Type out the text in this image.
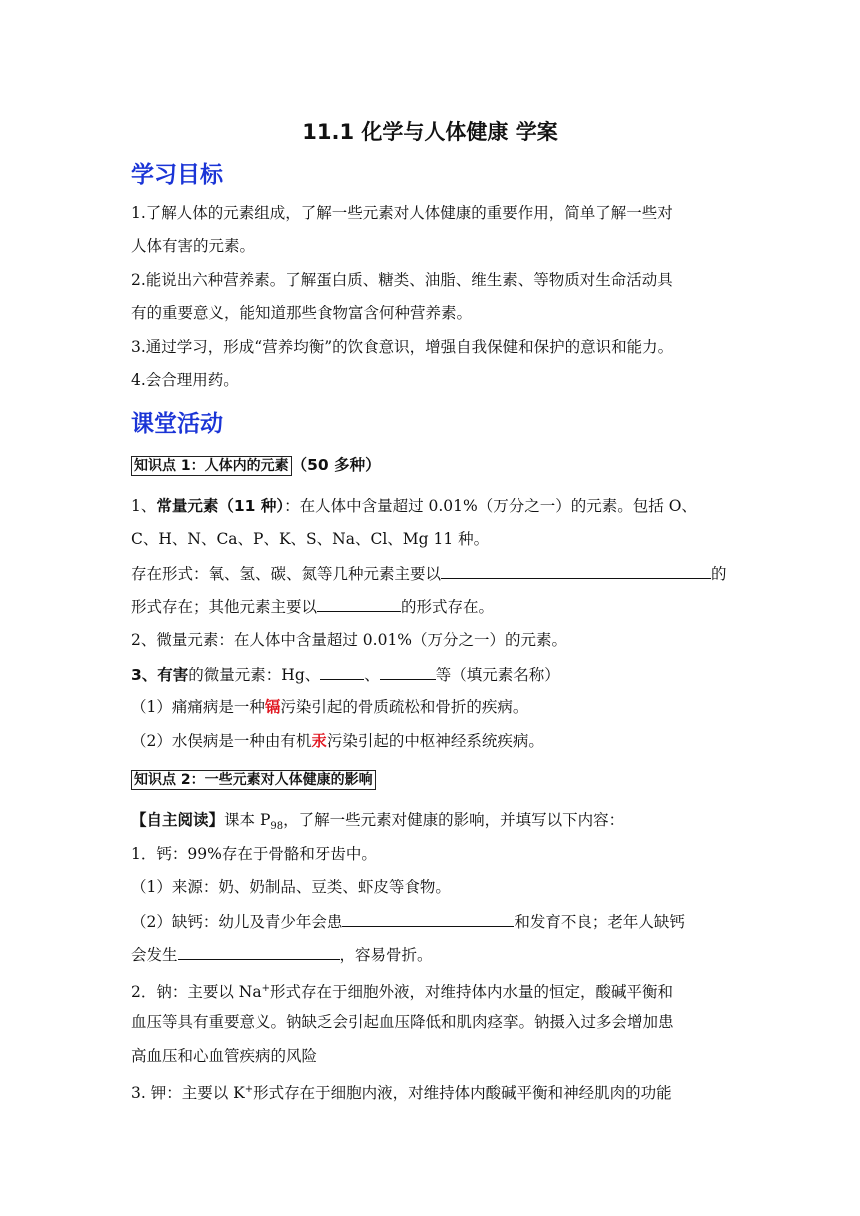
11.1 化学与人体健康 学案
学习目标
1.了解人体的元素组成，了解一些元素对人体健康的重要作用，简单了解一些对
人体有害的元素。
2.能说出六种营养素。了解蛋白质、糖类、油脂、维生素、等物质对生命活动具
有的重要意义，能知道那些食物富含何种营养素。
3.通过学习，形成“营养均衡”的饮食意识，增强自我保健和保护的意识和能力。
4.会合理用药。
课堂活动
知识点 1：人体内的元素 （50 多种）
1、常量元素（11 种）：在人体中含量超过 0.01%（万分之一）的元素。包括 O、
C、H、N、Ca、P、K、S、Na、Cl、Mg 11 种。
存在形式：氧、氢、碳、氮等几种元素主要以	的
形式存在；其他元素主要以	的形式存在。
2、微量元素：在人体中含量超过 0.01%（万分之一）的元素。
3、有害的微量元素：Hg、	、	等（填元素名称）
（1）痛痛病是一种镉污染引起的骨质疏松和骨折的疾病。
（2）水俣病是一种由有机汞污染引起的中枢神经系统疾病。
知识点 2：一些元素对人体健康的影响
【自主阅读】课本 $P_{98}$，了解一些元素对健康的影响，并填写以下内容：
1．钙：99%存在于骨骼和牙齿中。
（1）来源：奶、奶制品、豆类、虾皮等食物。
（2）缺钙：幼儿及青少年会患	和发育不良；老年人缺钙
会发生	，容易骨折。
2．钠：主要以 Na+形式存在于细胞外液，对维持体内水量的恒定，酸碱平衡和
血压等具有重要意义。钠缺乏会引起血压降低和肌肉痉挛。钠摄入过多会增加患
高血压和心血管疾病的风险
3. 钾：主要以 K+形式存在于细胞内液，对维持体内酸碱平衡和神经肌肉的功能
